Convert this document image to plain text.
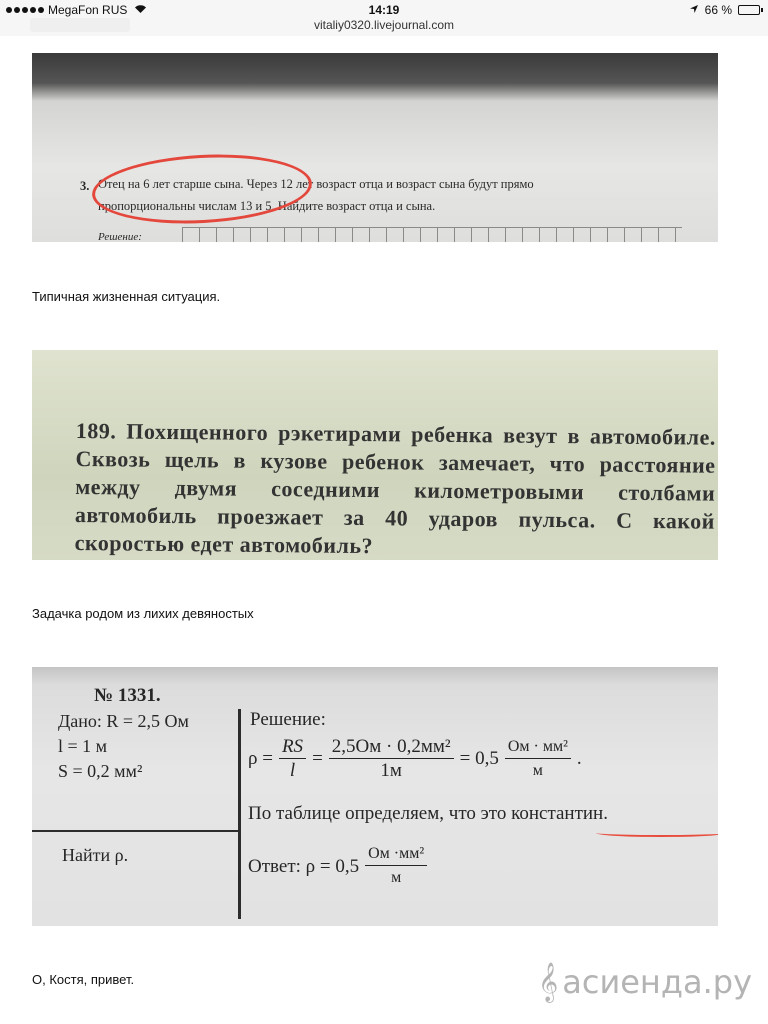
MegaFon RUS	14:19	66 %
vitaliy0320.livejournal.com
3. Отец на 6 лет старше сына. Через 12 лет возраст отца и возраст сына будут прямо
пропорциональны числам 13 и 5. Найдите возраст отца и сына.
Решение:
Типичная жизненная ситуация.
189. Похищенного рэкетирами ребенка везут в автомобиле. Сквозь щель в кузове ребенок замечает, что расстояние между двумя соседними километровыми столбами автомобиль проезжает за 40 ударов пульса. С какой скоростью едет автомобиль?
Задачка родом из лихих девяностых
№ 1331.
Дано: R = 2,5 Ом
l = 1 м
S = 0,2 мм²
Найти ρ.
Решение:
$\rho = \frac{RS}{l} = \frac{\text{2,5Ом · 0,2мм²}}{1м} = 0,5 \frac{\text{Ом · мм²}}{м}$ .
По таблице определяем, что это константин.
Ответ: $\rho = 0,5 \frac{\text{Ом ·мм²}}{м}$
О, Костя, привет.	𝄞 асиенда.ру
